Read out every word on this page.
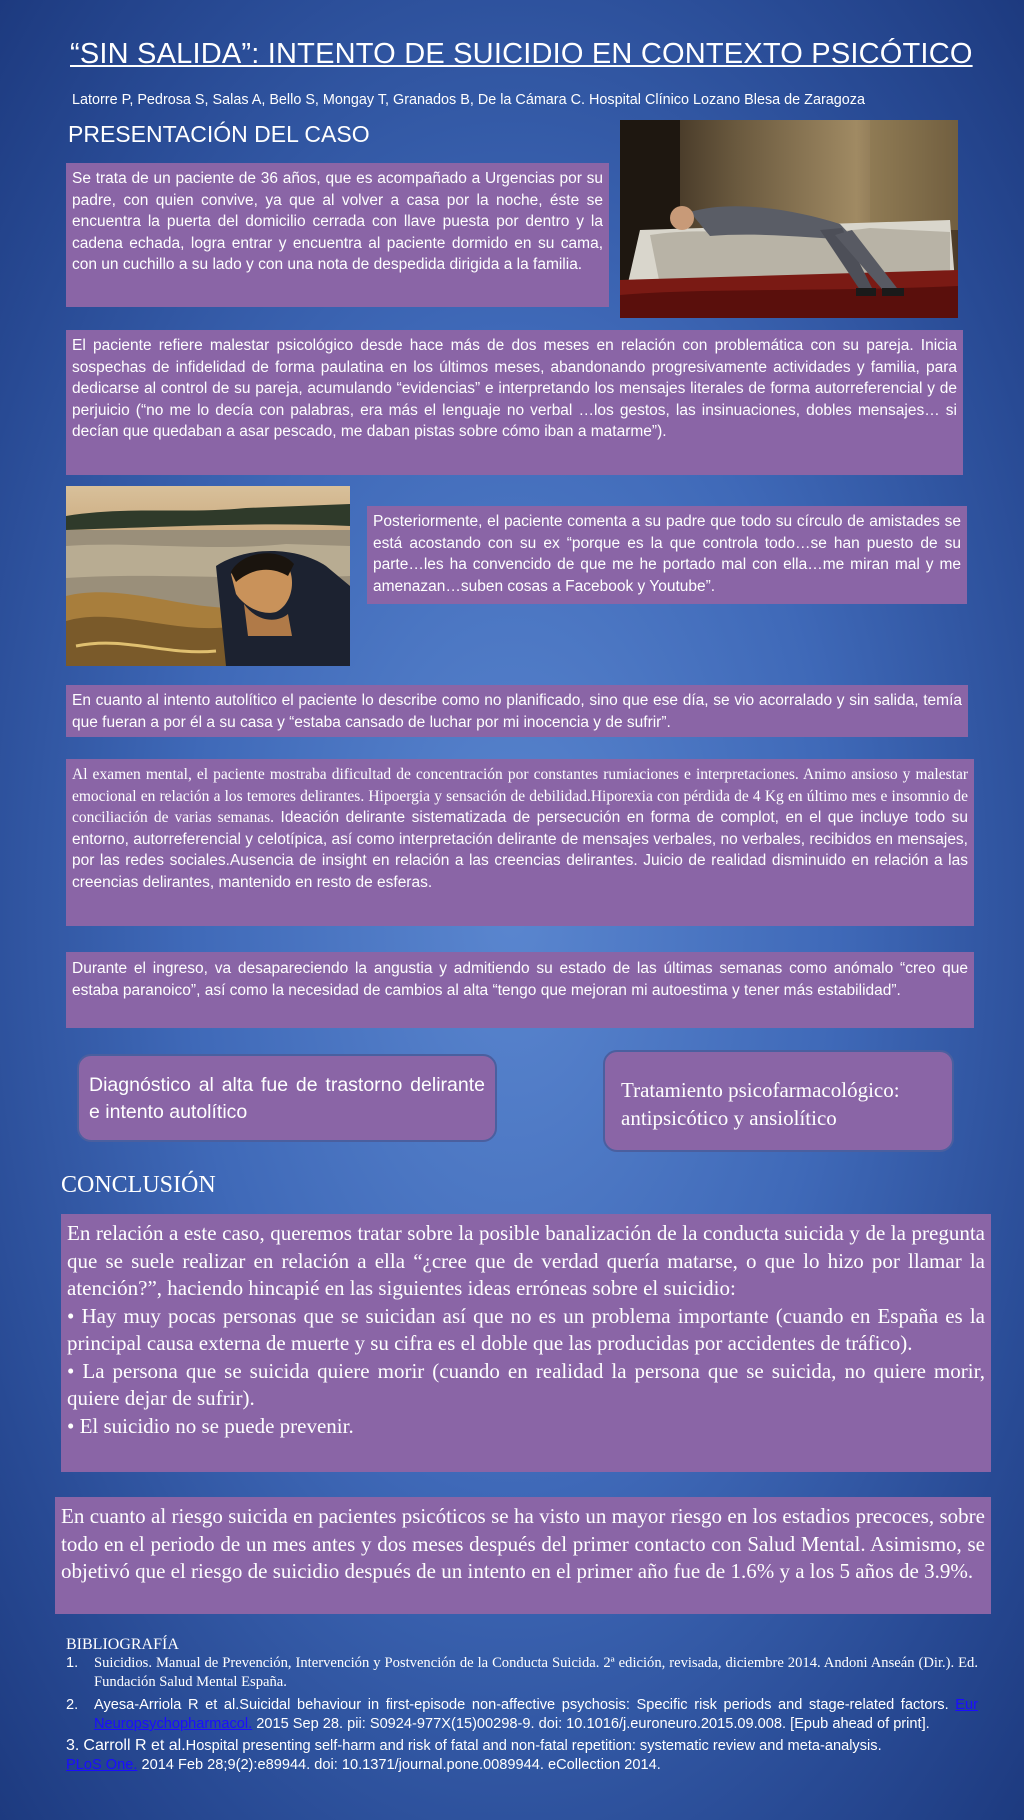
“SIN SALIDA”: INTENTO DE SUICIDIO EN CONTEXTO PSICÓTICO
Latorre P, Pedrosa S, Salas A, Bello S, Mongay T, Granados B, De la Cámara C. Hospital Clínico Lozano Blesa de Zaragoza
PRESENTACIÓN DEL CASO

Se trata de un paciente de 36 años, que es acompañado a Urgencias por su padre, con quien convive, ya que al volver a casa por la noche, éste se encuentra la puerta del domicilio cerrada con llave puesta por dentro y la cadena echada, logra entrar y encuentra al paciente dormido en su cama, con un cuchillo a su lado y con una nota de despedida dirigida a la familia.

El paciente refiere malestar psicológico desde hace más de dos meses en relación con problemática con su pareja. Inicia sospechas de infidelidad de forma paulatina en los últimos meses, abandonando progresivamente actividades y familia, para dedicarse al control de su pareja, acumulando “evidencias” e interpretando los mensajes literales de forma autorreferencial y de perjuicio (“no me lo decía con palabras, era más el lenguaje no verbal …los gestos, las insinuaciones, dobles mensajes… si decían que quedaban a asar pescado, me daban pistas sobre cómo iban a matarme”).

Posteriormente, el paciente comenta a su padre que todo su círculo de amistades se está acostando con su ex “porque es la que controla todo…se han puesto de su parte…les ha convencido de que me he portado mal con ella…me miran mal y me amenazan…suben cosas a Facebook y Youtube”.

En cuanto al intento autolítico el paciente lo describe como no planificado, sino que ese día, se vio acorralado y sin salida, temía que fueran a por él a su casa y “estaba cansado de luchar por mi inocencia y de sufrir”.

Al examen mental, el paciente mostraba dificultad de concentración por constantes rumiaciones e interpretaciones. Animo ansioso y malestar emocional en relación a los temores delirantes. Hipoergia y sensación de debilidad.Hiporexia con pérdida de 4 Kg en último mes e insomnio de conciliación de varias semanas. Ideación delirante sistematizada de persecución en forma de complot, en el que incluye todo su entorno, autorreferencial y celotípica, así como interpretación delirante de mensajes verbales, no verbales, recibidos en mensajes, por las redes sociales.Ausencia de insight en relación a las creencias delirantes. Juicio de realidad disminuido en relación a las creencias delirantes, mantenido en resto de esferas.

Durante el ingreso, va desapareciendo la angustia y admitiendo su estado de las últimas semanas como anómalo “creo que estaba paranoico”, así como la necesidad de cambios al alta “tengo que mejoran mi autoestima y tener más estabilidad”.

Diagnóstico al alta fue de trastorno delirante e intento autolítico

Tratamiento psicofarmacológico: antipsicótico y ansiolítico

CONCLUSIÓN

En relación a este caso, queremos tratar sobre la posible banalización de la conducta suicida y de la pregunta que se suele realizar en relación a ella “¿cree que de verdad quería matarse, o que lo hizo por llamar la atención?”, haciendo hincapié en las siguientes ideas erróneas sobre el suicidio:

• Hay muy pocas personas que se suicidan así que no es un problema importante (cuando en España es la principal causa externa de muerte y su cifra es el doble que las producidas por accidentes de tráfico).

• La persona que se suicida quiere morir (cuando en realidad la persona que se suicida, no quiere morir, quiere dejar de sufrir).

• El suicidio no se puede prevenir.

En cuanto al riesgo suicida en pacientes psicóticos se ha visto un mayor riesgo en los estadios precoces, sobre todo en el periodo de un mes antes y dos meses después del primer contacto con Salud Mental. Asimismo, se objetivó que el riesgo de suicidio después de un intento en el primer año fue de 1.6% y a los 5 años de 3.9%.

BIBLIOGRAFÍA

1. Suicidios. Manual de Prevención, Intervención y Postvención de la Conducta Suicida. 2ª edición, revisada, diciembre 2014. Andoni Anseán (Dir.). Ed. Fundación Salud Mental España.

2. Ayesa-Arriola R et al.Suicidal behaviour in first-episode non-affective psychosis: Specific risk periods and stage-related factors. Eur Neuropsychopharmacol. 2015 Sep 28. pii: S0924-977X(15)00298-9. doi: 10.1016/j.euroneuro.2015.09.008. [Epub ahead of print].

3. Carroll R et al.Hospital presenting self-harm and risk of fatal and non-fatal repetition: systematic review and meta-analysis.
PLoS One. 2014 Feb 28;9(2):e89944. doi: 10.1371/journal.pone.0089944. eCollection 2014.
